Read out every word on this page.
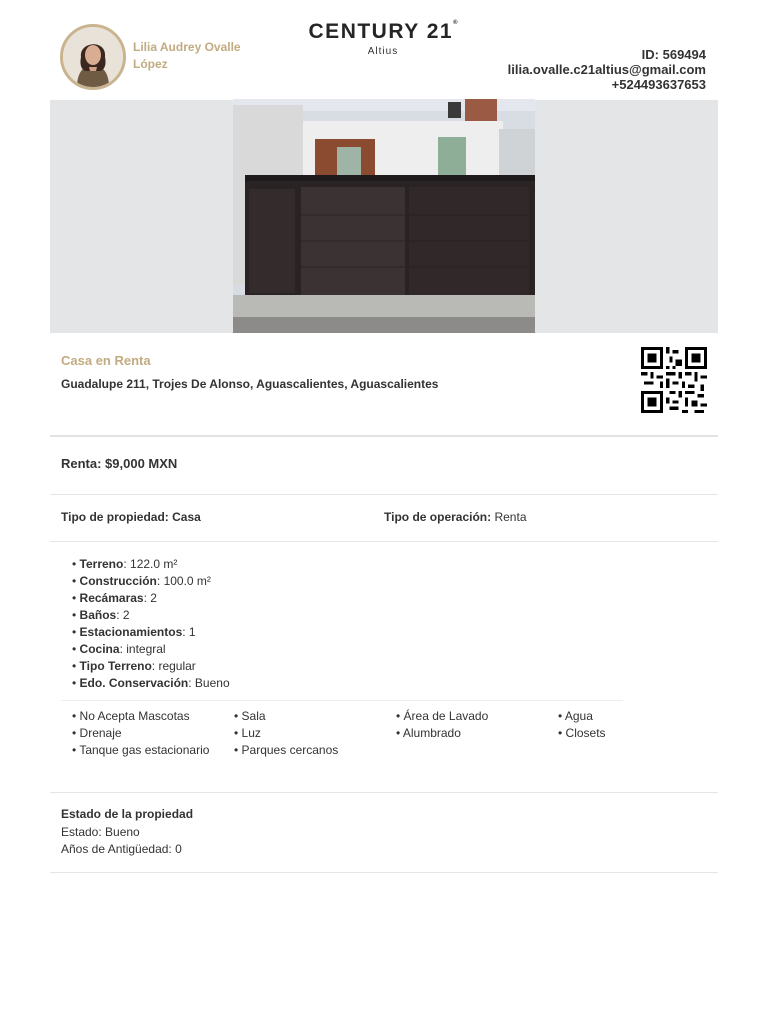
Lilia Audrey Ovalle López
CENTURY 21®
Altius	ID: 569494
lilia.ovalle.c21altius@gmail.com
+524493637653
Casa en Renta
Guadalupe 211, Trojes De Alonso, Aguascalientes, Aguascalientes
Renta: $9,000 MXN
Tipo de propiedad: Casa	Tipo de operación: Renta
• Terreno: 122.0 m²
• Construcción: 100.0 m²
• Recámaras: 2
• Baños: 2
• Estacionamientos: 1
• Cocina: integral
• Tipo Terreno: regular
• Edo. Conservación: Bueno
• No Acepta Mascotas
• Drenaje
• Tanque gas estacionario
• Sala
• Luz
• Parques cercanos
• Área de Lavado
• Alumbrado
• Agua
• Closets
Estado de la propiedad
Estado: Bueno
Años de Antigüedad: 0
